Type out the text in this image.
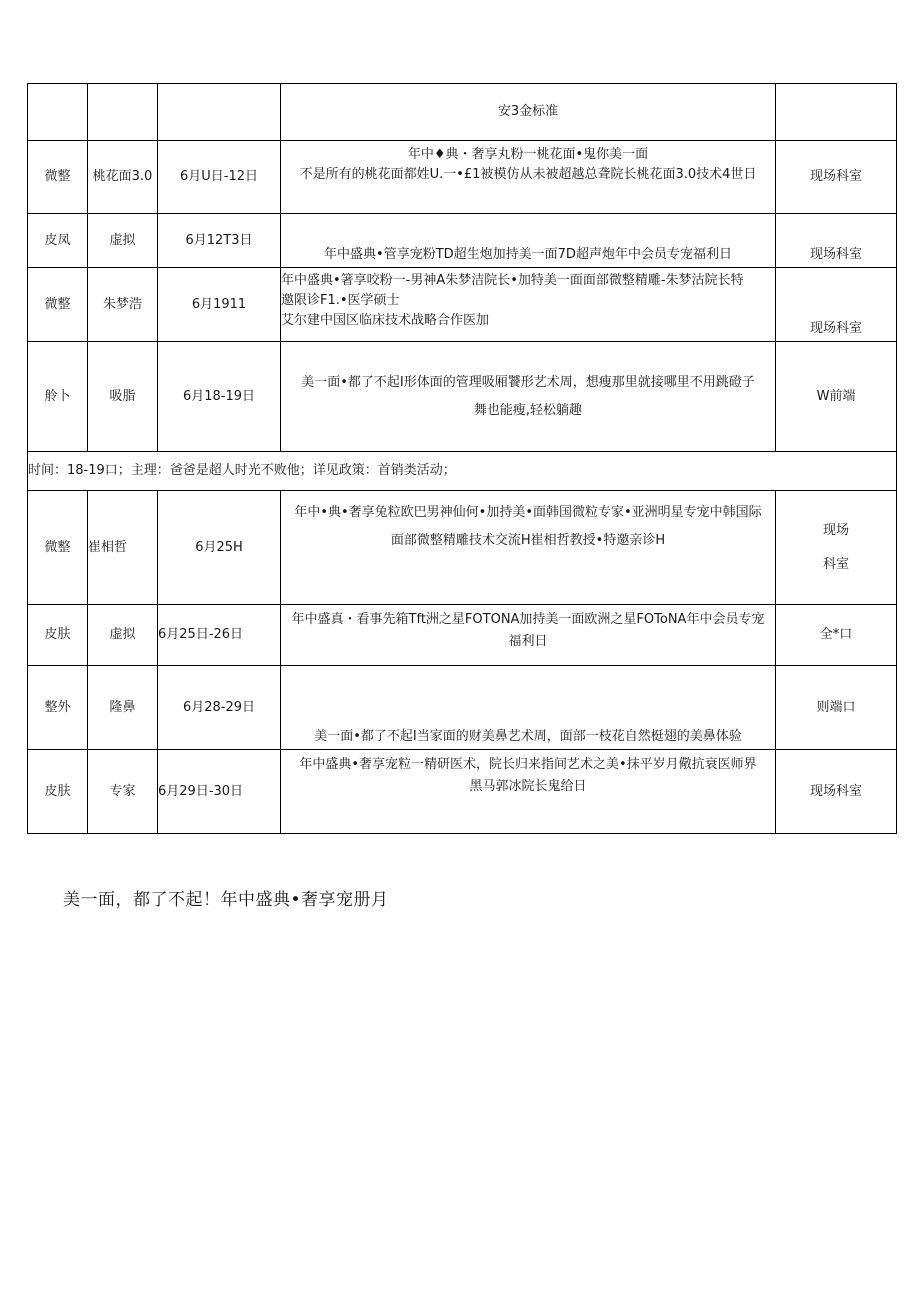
			安3金标准	
微整	桃花面3.0	6月U日-12日	年中♦典・奢享丸粉一桃花面•鬼你美一面
不是所有的桃花面都姓U.一•£1被模仿从未被超越总聋院长桃花面3.0技术4世日	现场科室
皮凤	虚拟	6月12T3日	年中盛典•管享宠粉TD超生炮加持美一面7D超声炮年中会员专宠福利日	现场科室
微整	朱梦浩	6月1911	年中盛典•箸享咬粉一-男神A朱梦洁院长•加特美一面面部微整精雕-朱梦沽院长特
邀限诊F1.•医学硕士
艾尔建中国区临床技术战略合作医加	现场科室
舲卜	吸脂	6月18-19日	美一面•都了不起I形体面的管理吸厢饕形艺术周，想瘦那里就接哪里不用跳磴子
舞也能瘦,轻松躺趣	W前端
时间：18-19口；主理：爸爸是超人时光不败他；详见政策：首销类活动；				
微整	崔相哲	6月25H	年中•典•奢享兔粒欧巴男神仙何•加持美•面韩国微粒专家•亚洲明星专宠中韩国际
面部微整精雕技术交流H崔相哲教授•特邀亲诊H	现场
科室

皮肤	虚拟	6月25日-26日	年中盛真・看事先箱Tft洲之星FOTONA加持美一面欧洲之星FOToNA年中会员专宠
福利日	全*口
整外	隆鼻	6月28-29日	美一面•都了不起I当家面的财美鼻艺术周，面部一枝花自然梃翅的美鼻体验	则端口
皮肤	专家	6月29日-30日	年中盛典•奢享宠粒一精研医术，院长归来指间艺术之美•抹平岁月儆抗衰医师界
黑马郭冰院长鬼给日	现场科室
美一面，都了不起！年中盛典•奢享宠册月
